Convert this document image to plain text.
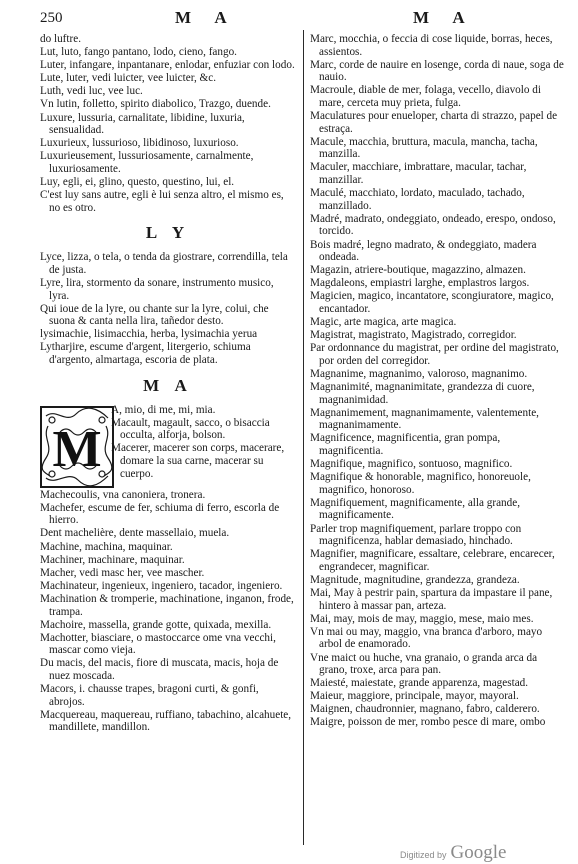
250	M A	M A

do luftre.

Lut, luto, fango pantano, lodo, cieno, fango.

Luter, infangare, inpantanare, enlodar, enfuziar con lodo.

Lute, luter, vedi luicter, vee luicter, &c.

Luth, vedi luc, vee luc.

Vn lutin, folletto, spirito diabolico, Trazgo, duende.

Luxure, lussuria, carnalitate, libidine, luxuria, sensualidad.

Luxurieux, lussurioso, libidinoso, luxurioso.

Luxurieusement, lussuriosamente, carnalmente, luxuriosamente.

Luy, egli, ei, glino, questo, questino, lui, el.

C'est luy sans autre, egli è lui senza altro, el mismo es, no es otro.

L Y

Lyce, lizza, o tela, o tenda da giostrare, correndilla, tela de justa.

Lyre, lira, stormento da sonare, instrumento musico, lyra.

Qui ioue de la lyre, ou chante sur la lyre, colui, che suona & canta nella lira, tañedor desto.

lysimachie, lisimacchia, herba, lysimachia yerua

Lytharjire, escume d'argent, litergerio, schiuma d'argento, almartaga, escoria de plata.

M A
M

A, mio, di me, mi, mia.

Macault, magault, sacco, o bisaccia occulta, alforja, bolson.

Macerer, macerer son corps, macerare, domare la sua carne, macerar su cuerpo.

Machecoulis, vna canoniera, tronera.

Machefer, escume de fer, schiuma di ferro, escorla de hierro.

Dent machelière, dente massellaio, muela.

Machine, machina, maquinar.

Machiner, machinare, maquinar.

Macher, vedi masc her, vee mascher.

Machinateur, ingenieux, ingeniero, tacador, ingeniero.

Machination & tromperie, machinatione, inganon, frode, trampa.

Machoire, massella, grande gotte, quixada, mexilla.

Machotter, biasciare, o mastoccarce ome vna vecchi, mascar como vieja.

Du macis, del macis, fiore di muscata, macis, hoja de nuez moscada.

Macors, i. chausse trapes, bragoni curti, & gonfi, abrojos.

Macquereau, maquereau, ruffiano, tabachino, alcahuete, mandillete, mandillon.

Marc, mocchia, o feccia di cose liquide, borras, heces, assientos.

Marc, corde de nauire en losenge, corda di naue, soga de nauio.

Macroule, diable de mer, folaga, vecello, diavolo di mare, cerceta muy prieta, fulga.

Maculatures pour enueloper, charta di strazzo, papel de estraça.

Macule, macchia, bruttura, macula, mancha, tacha, manzilla.

Maculer, macchiare, imbrattare, macular, tachar, manzillar.

Maculé, macchiato, lordato, maculado, tachado, manzillado.

Madré, madrato, ondeggiato, ondeado, erespo, ondoso, torcido.

Bois madré, legno madrato, & ondeggiato, madera ondeada.

Magazin, atriere-boutique, magazzino, almazen.

Magdaleons, empiastri larghe, emplastros largos.

Magicien, magico, incantatore, scongiuratore, magico, encantador.

Magic, arte magica, arte magica.

Magistrat, magistrato, Magistrado, corregidor.

Par ordonnance du magistrat, per ordine del magistrato, por orden del corregidor.

Magnanime, magnanimo, valoroso, magnanimo.

Magnanimité, magnanimitate, grandezza di cuore, magnanimidad.

Magnanimement, magnanimamente, valentemente, magnanimamente.

Magnificence, magnificentia, gran pompa, magnificentia.

Magnifique, magnifico, sontuoso, magnifico.

Magnifique & honorable, magnifico, honoreuole, magnifico, honoroso.

Magnifiquement, magnificamente, alla grande, magnificamente.

Parler trop magnifiquement, parlare troppo con magnificenza, hablar demasiado, hinchado.

Magnifier, magnificare, essaltare, celebrare, encarecer, engrandecer, magnificar.

Magnitude, magnitudine, grandezza, grandeza.

Mai, May à pestrir pain, spartura da impastare il pane, hintero à massar pan, arteza.

Mai, may, mois de may, maggio, mese, maio mes.

Vn mai ou may, maggio, vna branca d'arboro, mayo arbol de enamorado.

Vne maict ou huche, vna granaio, o granda arca da grano, troxe, arca para pan.

Maiesté, maiestate, grande apparenza, magestad.

Maieur, maggiore, principale, mayor, mayoral.

Maignen, chaudronnier, magnano, fabro, calderero.

Maigre, poisson de mer, rombo pesce di mare, ombo

Digitized by Google
